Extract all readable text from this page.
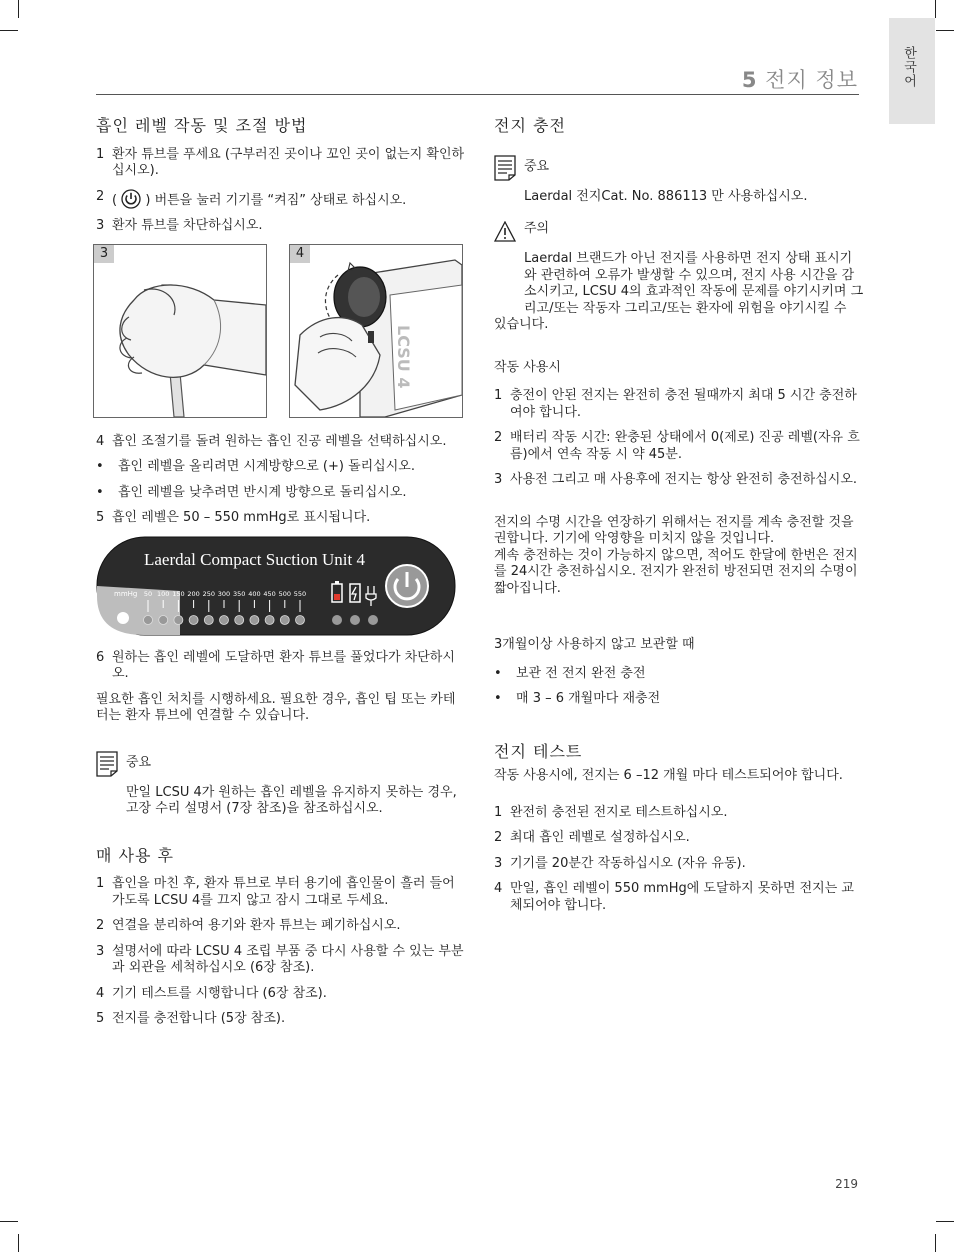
한국어
5 전지 정보
흡인 레벨 작동 및 조절 방법
1 환자 튜브를 푸세요 (구부러진 곳이나 꼬인 곳이 없는지 확인하십시오).
2 ( ) 버튼을 눌러 기기를 “켜짐” 상태로 하십시오.
3 환자 튜브를 차단하십시오.
3
LCSU 4
4
4 흡인 조절기를 돌려 원하는 흡인 진공 레벨을 선택하십시오.
•	흡인 레벨을 올리려면 시계방향으로 (+) 돌리십시오.
•	흡인 레벨을 낮추려면 반시계 방향으로 돌리십시오.
5 흡인 레벨은 50 – 550 mmHg로 표시됩니다.
Laerdal Compact Suction Unit 4
mmHg 50 100 150 200 250 300 350 400 450 500 550
6 원하는 흡인 레벨에 도달하면 환자 튜브를 풀었다가 차단하시오.

필요한 흡인 처치를 시행하세요. 필요한 경우, 흡인 팁 또는 카테터는 환자 튜브에 연결할 수 있습니다.

중요
만일 LCSU 4가 원하는 흡인 레벨을 유지하지 못하는 경우, 고장 수리 설명서 (7장 참조)을 참조하십시오.
매 사용 후
1 흡인을 마친 후, 환자 튜브로 부터 용기에 흡인물이 흘러 들어 가도록 LCSU 4를 끄지 않고 잠시 그대로 두세요.
2 연결을 분리하여 용기와 환자 튜브는 폐기하십시오.
3 설명서에 따라 LCSU 4 조립 부품 중 다시 사용할 수 있는 부분과 외관을 세척하십시오 (6장 참조).
4 기기 테스트를 시행합니다 (6장 참조).
5 전지를 충전합니다 (5장 참조).
전지 충전
중요
Laerdal 전지Cat. No. 886113 만 사용하십시오.
주의
Laerdal 브랜드가 아닌 전지를 사용하면 전지 상태 표시기와 관련하여 오류가 발생할 수 있으며, 전지 사용 시간을 감소시키고, LCSU 4의 효과적인 작동에 문제를 야기시키며 그리고/또는 작동자 그리고/또는 환자에 위험을 야기시킬 수
있습니다.

작동 사용시

1 충전이 안된 전지는 완전히 충전 될때까지 최대 5 시간 충전하여야 합니다.
2 배터리 작동 시간: 완충된 상태에서 0(제로) 진공 레벨(자유 흐름)에서 연속 작동 시 약 45분.
3 사용전 그리고 매 사용후에 전지는 항상 완전히 충전하십시오.

전지의 수명 시간을 연장하기 위해서는 전지를 계속 충전할 것을 권합니다. 기기에 악영향을 미치지 않을 것입니다.

계속 충전하는 것이 가능하지 않으면, 적어도 한달에 한번은 전지를 24시간 충전하십시오. 전지가 완전히 방전되면 전지의 수명이 짧아집니다.

3개월이상 사용하지 않고 보관할 때

•	보관 전 전지 완전 충전
•	매 3 – 6 개월마다 재충전
전지 테스트

작동 사용시에, 전지는 6 –12 개월 마다 테스트되어야 합니다.

1 완전히 충전된 전지로 테스트하십시오.
2 최대 흡인 레벨로 설정하십시오.
3 기기를 20분간 작동하십시오 (자유 유동).
4 만일, 흡인 레벨이 550 mmHg에 도달하지 못하면 전지는 교체되어야 합니다.
219
